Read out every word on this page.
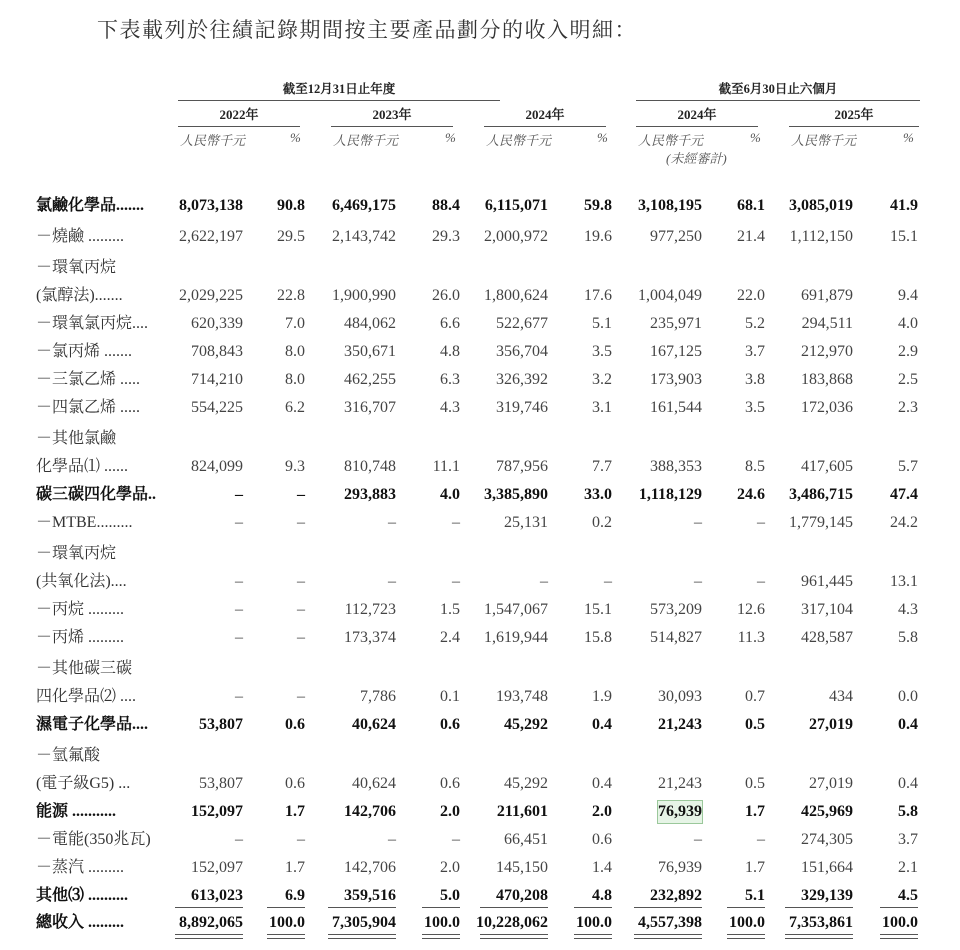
下表載列於往績記錄期間按主要產品劃分的收入明細：
截至12月31日止年度	截至6月30日止六個月
2022年
人民幣千元	%
2023年
人民幣千元	%
2024年
人民幣千元	%
2024年
人民幣千元	%
(未經審計)
2025年
人民幣千元	%
氯鹼化學品....... 8,073,138 90.8 6,469,175 88.4 6,115,071 59.8 3,108,195 68.1 3,085,019 41.9
－燒鹼 .........	2,622,197 29.5 2,143,742 29.3 2,000,972 19.6 977,250 21.4 1,112,150 15.1
－環氧丙烷
(氯醇法).......	2,029,225 22.8 1,900,990 26.0 1,800,624 17.6 1,004,049 22.0 691,879	9.4
－環氧氯丙烷....	620,339	7.0 484,062	6.6 522,677	5.1 235,971	5.2 294,511	4.0
－氯丙烯 .......	708,843	8.0 350,671	4.8 356,704	3.5 167,125	3.7 212,970	2.9
－三氯乙烯 .....	714,210	8.0 462,255	6.3 326,392	3.2 173,903	3.8 183,868	2.5
－四氯乙烯 .....	554,225	6.2 316,707	4.3 319,746	3.1 161,544	3.5 172,036	2.3
－其他氯鹼
化學品⑴ ......	824,099	9.3 810,748 11.1 787,956	7.7 388,353	8.5 417,605	5.7
碳三碳四化學品..	–	– 293,883	4.0 3,385,890 33.0 1,118,129 24.6 3,486,715 47.4
－MTBE.........	–	–	–	–	25,131	0.2	–	– 1,779,145 24.2
－環氧丙烷
(共氧化法)....	–	–	–	–	–	–	–	– 961,445 13.1
－丙烷 .........	–	– 112,723	1.5 1,547,067 15.1 573,209 12.6 317,104	4.3
－丙烯 .........	–	– 173,374	2.4 1,619,944 15.8 514,827 11.3 428,587	5.8
－其他碳三碳
四化學品⑵ ....	–	–	7,786	0.1 193,748	1.9	30,093	0.7	434	0.0
濕電子化學品....	53,807	0.6	40,624	0.6	45,292	0.4	21,243	0.5	27,019	0.4
－氫氟酸
(電子級G5) ...	53,807	0.6	40,624	0.6	45,292	0.4	21,243	0.5	27,019	0.4
能源 ...........	152,097	1.7 142,706	2.0 211,601	2.0	76,939	1.7 425,969	5.8
－電能(350兆瓦)	–	–	–	–	66,451	0.6	–	– 274,305	3.7
－蒸汽 .........	152,097	1.7 142,706	2.0 145,150	1.4	76,939	1.7 151,664	2.1
其他⑶ ..........	613,023	6.9 359,516	5.0 470,208	4.8 232,892	5.1 329,139	4.5
總收入 .........	8,892,065 100.0 7,305,904 100.0 10,228,062 100.0 4,557,398 100.0 7,353,861 100.0
